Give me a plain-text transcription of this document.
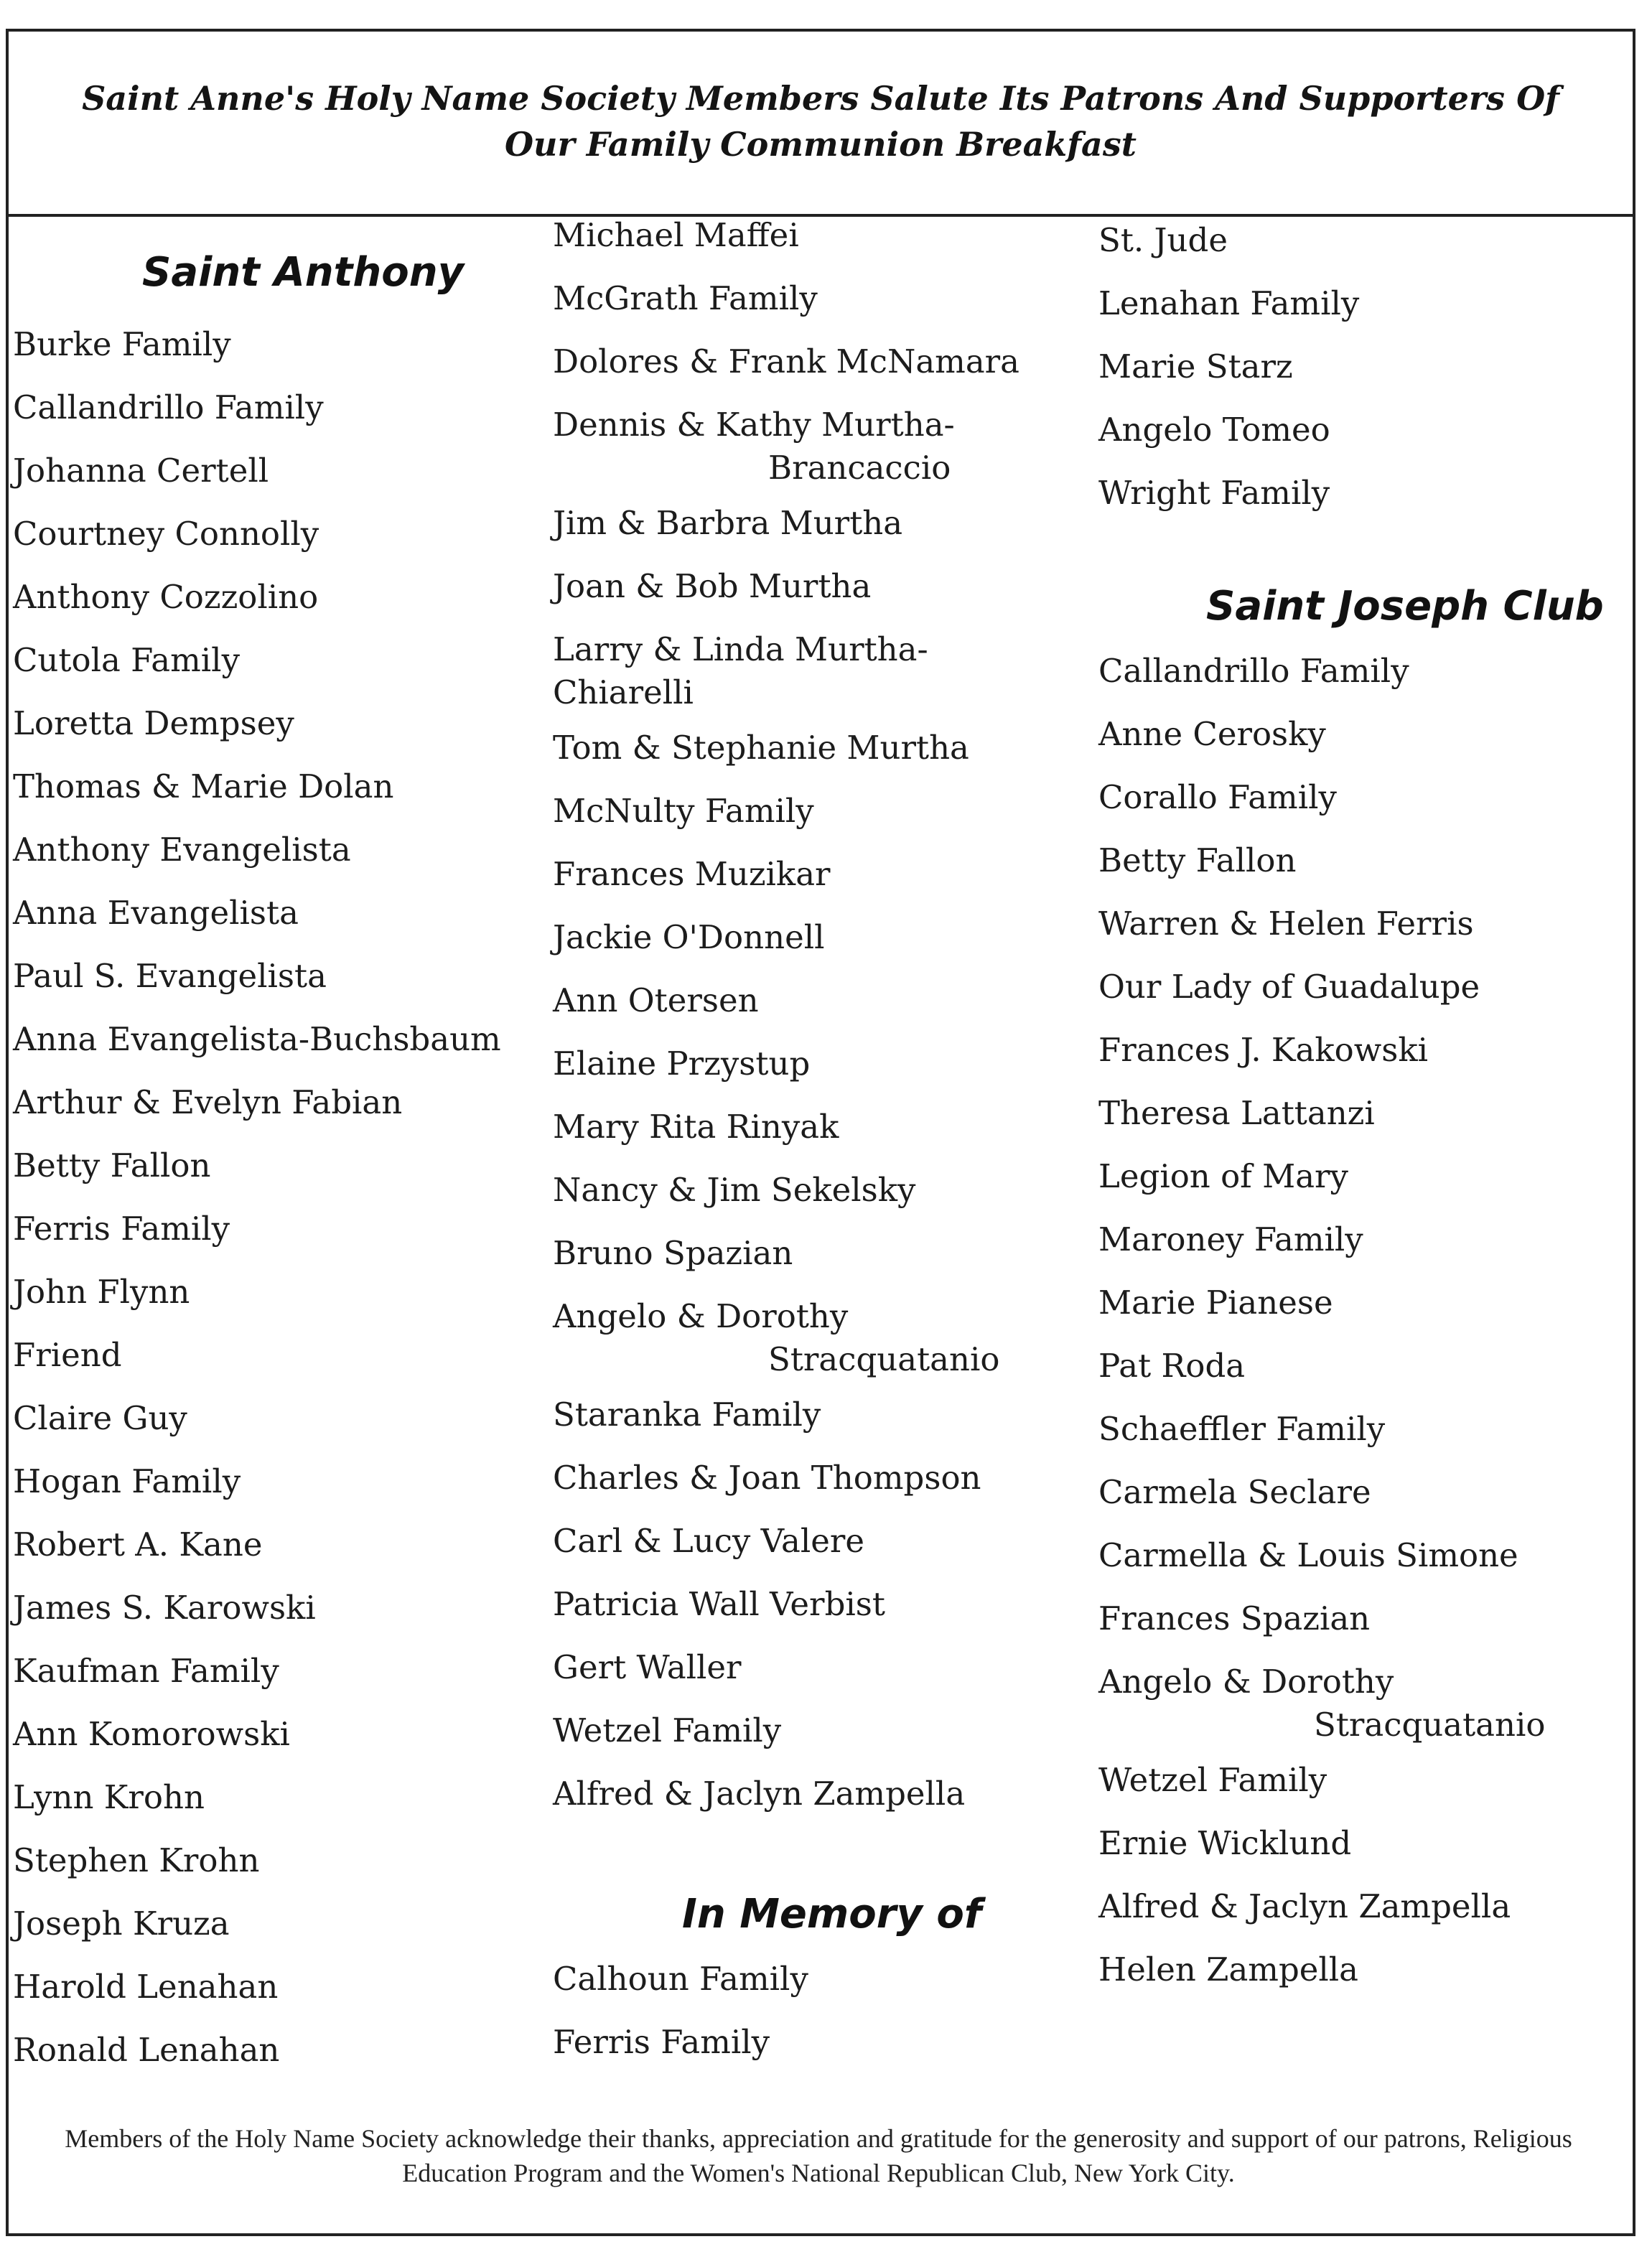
Saint Anne's Holy Name Society Members Salute Its Patrons And Supporters Of Our Family Communion Breakfast
Saint Anthony
Burke Family
Callandrillo Family
Johanna Certell
Courtney Connolly
Anthony Cozzolino
Cutola Family
Loretta Dempsey
Thomas & Marie Dolan
Anthony Evangelista
Anna Evangelista
Paul S. Evangelista
Anna Evangelista-Buchsbaum
Arthur & Evelyn Fabian
Betty Fallon
Ferris Family
John Flynn
Friend
Claire Guy
Hogan Family
Robert A. Kane
James S. Karowski
Kaufman Family
Ann Komorowski
Lynn Krohn
Stephen Krohn
Joseph Kruza
Harold Lenahan
Ronald Lenahan
Michael Maffei
McGrath Family
Dolores & Frank McNamara
Dennis & Kathy Murtha-
Brancaccio
Jim & Barbra Murtha
Joan & Bob Murtha
Larry & Linda Murtha-
Chiarelli
Tom & Stephanie Murtha
McNulty Family
Frances Muzikar
Jackie O'Donnell
Ann Otersen
Elaine Przystup
Mary Rita Rinyak
Nancy & Jim Sekelsky
Bruno Spazian
Angelo & Dorothy
Stracquatanio
Staranka Family
Charles & Joan Thompson
Carl & Lucy Valere
Patricia Wall Verbist
Gert Waller
Wetzel Family
Alfred & Jaclyn Zampella
In Memory of
Calhoun Family
Ferris Family
St. Jude
Lenahan Family
Marie Starz
Angelo Tomeo
Wright Family
Saint Joseph Club
Callandrillo Family
Anne Cerosky
Corallo Family
Betty Fallon
Warren & Helen Ferris
Our Lady of Guadalupe
Frances J. Kakowski
Theresa Lattanzi
Legion of Mary
Maroney Family
Marie Pianese
Pat Roda
Schaeffler Family
Carmela Seclare
Carmella & Louis Simone
Frances Spazian
Angelo & Dorothy
Stracquatanio
Wetzel Family
Ernie Wicklund
Alfred & Jaclyn Zampella
Helen Zampella
Members of the Holy Name Society acknowledge their thanks, appreciation and gratitude for the generosity and support of our patrons, Religious Education Program and the Women's National Republican Club, New York City.
